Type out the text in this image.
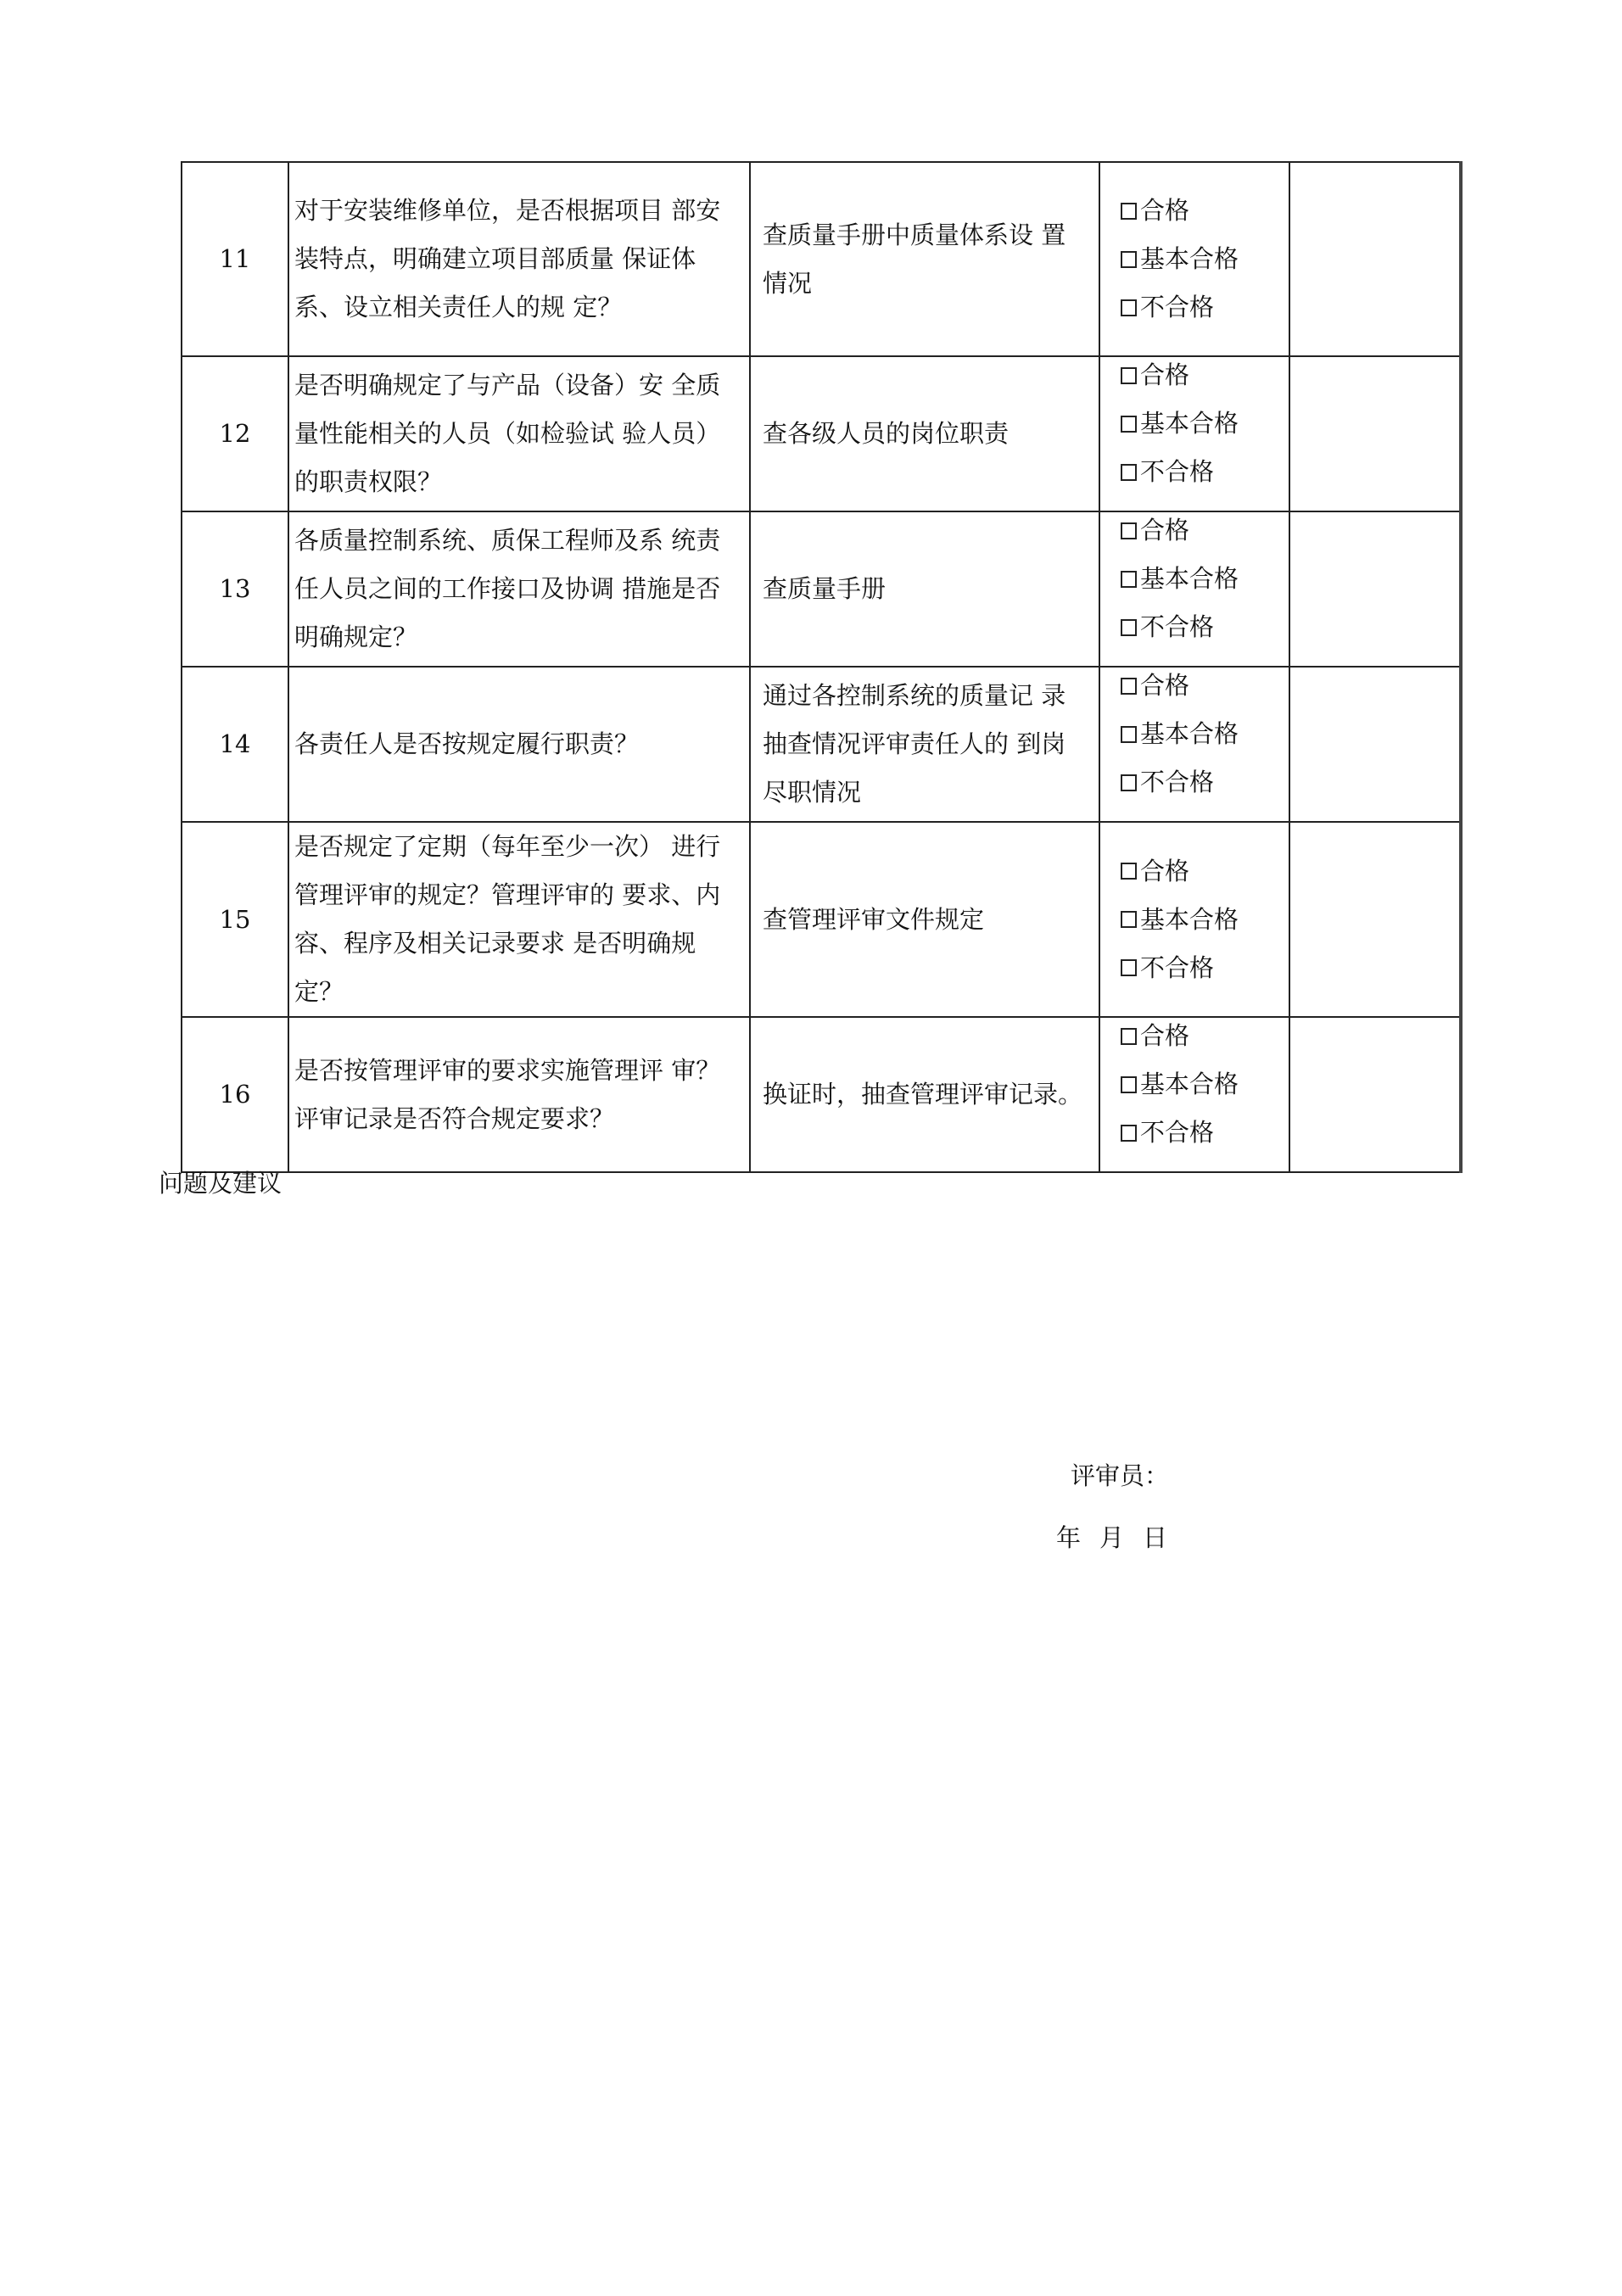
11	对于安装维修单位，是否根据项目 部安装特点，明确建立项目部质量 保证体系、设立相关责任人的规 定？	查质量手册中质量体系设 置情况	合格
基本合格
不合格	

12	是否明确规定了与产品（设备）安 全质量性能相关的人员（如检验试 验人员）的职责权限？	查各级人员的岗位职责	合格
基本合格
不合格	

13	各质量控制系统、质保工程师及系 统责任人员之间的工作接口及协调 措施是否明确规定？	查质量手册	合格
基本合格
不合格	

14	各责任人是否按规定履行职责？	通过各控制系统的质量记 录抽查情况评审责任人的 到岗尽职情况	合格
基本合格
不合格	

15	是否规定了定期（每年至少一次） 进行管理评审的规定？管理评审的 要求、内容、程序及相关记录要求 是否明确规定？	查管理评审文件规定	合格
基本合格
不合格	

16	是否按管理评审的要求实施管理评 审？评审记录是否符合规定要求？	换证时，抽查管理评审记录。	合格
基本合格
不合格	

问题及建议
评审员：
年 月 日
